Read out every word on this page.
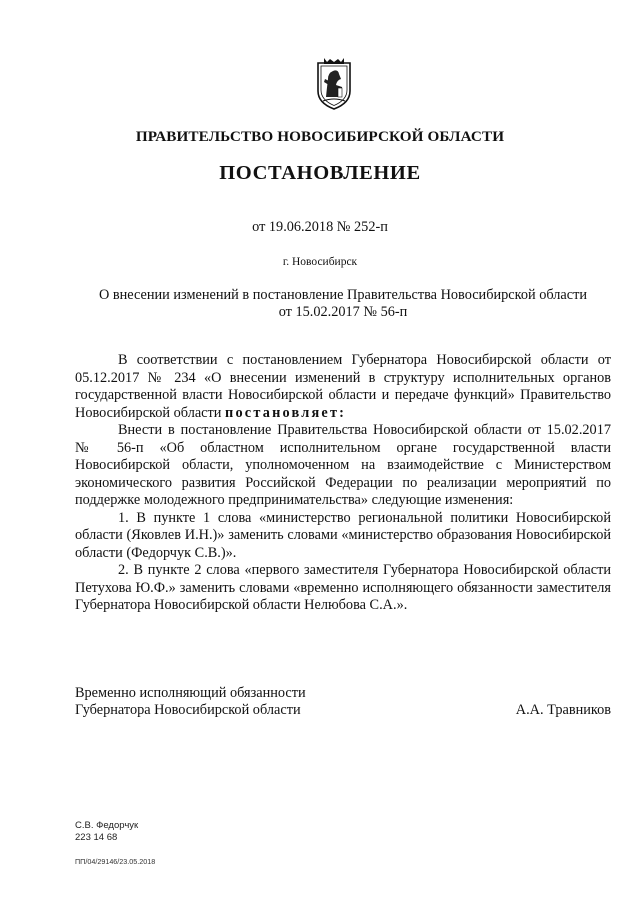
ПРАВИТЕЛЬСТВО НОВОСИБИРСКОЙ ОБЛАСТИ
ПОСТАНОВЛЕНИЕ
от 19.06.2018 № 252-п
г. Новосибирск
О внесении изменений в постановление Правительства Новосибирской области
от 15.02.2017 № 56-п

В соответствии с постановлением Губернатора Новосибирской области от 05.12.2017 № 234 «О внесении изменений в структуру исполнительных органов государственной власти Новосибирской области и передаче функций» Правительство Новосибирской области постановляет:

Внести в постановление Правительства Новосибирской области от 15.02.2017 № 56-п «Об областном исполнительном органе государственной власти Новосибирской области, уполномоченном на взаимодействие с Министерством экономического развития Российской Федерации по реализации мероприятий по поддержке молодежного предпринимательства» следующие изменения:

1. В пункте 1 слова «министерство региональной политики Новосибирской области (Яковлев И.Н.)» заменить словами «министерство образования Новосибирской области (Федорчук С.В.)».

2. В пункте 2 слова «первого заместителя Губернатора Новосибирской области Петухова Ю.Ф.» заменить словами «временно исполняющего обязанности заместителя Губернатора Новосибирской области Нелюбова С.А.».

Временно исполняющий обязанности
Губернатора Новосибирской области	А.А. Травников
С.В. Федорчук
223 14 68
ПП/04/29146/23.05.2018
